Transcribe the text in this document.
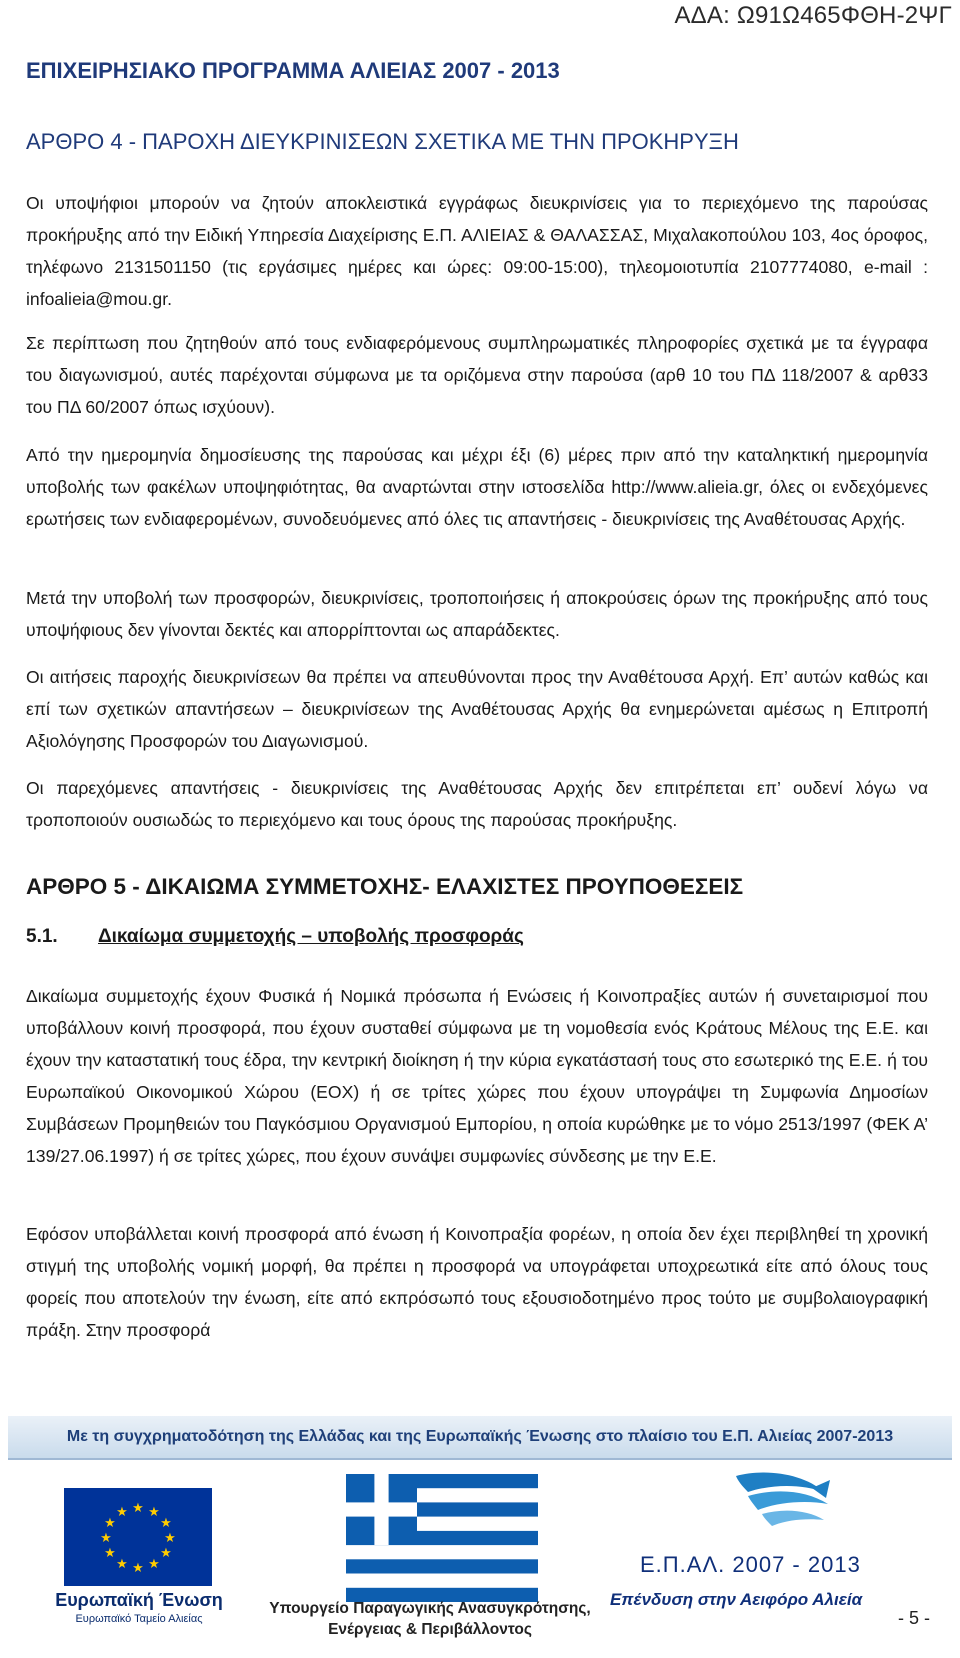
ΑΔΑ: Ω91Ω465ΦΘΗ-2ΨΓ
ΕΠΙΧΕΙΡΗΣΙΑΚΟ ΠΡΟΓΡΑΜΜΑ ΑΛΙΕΙΑΣ 2007 - 2013
ΑΡΘΡΟ 4 - ΠΑΡΟΧΗ ΔΙΕΥΚΡΙΝΙΣΕΩΝ ΣΧΕΤΙΚΑ ΜΕ ΤΗΝ ΠΡΟΚΗΡΥΞΗ

Οι υποψήφιοι μπορούν να ζητούν αποκλειστικά εγγράφως διευκρινίσεις για το περιεχόμενο της παρούσας προκήρυξης από την Ειδική Υπηρεσία Διαχείρισης Ε.Π. ΑΛΙΕΙΑΣ & ΘΑΛΑΣΣΑΣ, Μιχαλακοπούλου 103, 4ος όροφος, τηλέφωνο 2131501150 (τις εργάσιμες ημέρες και ώρες: 09:00-15:00), τηλεομοιοτυπία 2107774080, e-mail : infoalieia@mou.gr.

Σε περίπτωση που ζητηθούν από τους ενδιαφερόμενους συμπληρωματικές πληροφορίες σχετικά με τα έγγραφα του διαγωνισμού, αυτές παρέχονται σύμφωνα με τα οριζόμενα στην παρούσα (αρθ 10 του ΠΔ 118/2007 & αρθ33 του ΠΔ 60/2007 όπως ισχύουν).

Από την ημερομηνία δημοσίευσης της παρούσας και μέχρι έξι (6) μέρες πριν από την καταληκτική ημερομηνία υποβολής των φακέλων υποψηφιότητας, θα αναρτώνται στην ιστοσελίδα http://www.alieia.gr, όλες οι ενδεχόμενες ερωτήσεις των ενδιαφερομένων, συνοδευόμενες από όλες τις απαντήσεις - διευκρινίσεις της Αναθέτουσας Αρχής.

Μετά την υποβολή των προσφορών, διευκρινίσεις, τροποποιήσεις ή αποκρούσεις όρων της προκήρυξης από τους υποψήφιους δεν γίνονται δεκτές και απορρίπτονται ως απαράδεκτες.

Οι αιτήσεις παροχής διευκρινίσεων θα πρέπει να απευθύνονται προς την Αναθέτουσα Αρχή. Επ’ αυτών καθώς και επί των σχετικών απαντήσεων – διευκρινίσεων της Αναθέτουσας Αρχής θα ενημερώνεται αμέσως η Επιτροπή Αξιολόγησης Προσφορών του Διαγωνισμού.

Οι παρεχόμενες απαντήσεις - διευκρινίσεις της Αναθέτουσας Αρχής δεν επιτρέπεται επ’ ουδενί λόγω να τροποποιούν ουσιωδώς το περιεχόμενο και τους όρους της παρούσας προκήρυξης.

ΑΡΘΡΟ 5 - ΔΙΚΑΙΩΜΑ ΣΥΜΜΕΤΟΧΗΣ- ΕΛΑΧΙΣΤΕΣ ΠΡΟΥΠΟΘΕΣΕΙΣ
5.1. Δικαίωμα συμμετοχής – υποβολής προσφοράς

Δικαίωμα συμμετοχής έχουν Φυσικά ή Νομικά πρόσωπα ή Ενώσεις ή Κοινοπραξίες αυτών ή συνεταιρισμοί που υποβάλλουν κοινή προσφορά, που έχουν συσταθεί σύμφωνα με τη νομοθεσία ενός Κράτους Μέλους της Ε.Ε. και έχουν την καταστατική τους έδρα, την κεντρική διοίκηση ή την κύρια εγκατάστασή τους στο εσωτερικό της Ε.Ε. ή του Ευρωπαϊκού Οικονομικού Χώρου (ΕΟΧ) ή σε τρίτες χώρες που έχουν υπογράψει τη Συμφωνία Δημοσίων Συμβάσεων Προμηθειών του Παγκόσμιου Οργανισμού Εμπορίου, η οποία κυρώθηκε με το νόμο 2513/1997 (ΦΕΚ Α’ 139/27.06.1997) ή σε τρίτες χώρες, που έχουν συνάψει συμφωνίες σύνδεσης με την Ε.Ε.

Εφόσον υποβάλλεται κοινή προσφορά από ένωση ή Κοινοπραξία φορέων, η οποία δεν έχει περιβληθεί τη χρονική στιγμή της υποβολής νομική μορφή, θα πρέπει η προσφορά να υπογράφεται υποχρεωτικά είτε από όλους τους φορείς που αποτελούν την ένωση, είτε από εκπρόσωπό τους εξουσιοδοτημένο προς τούτο με συμβολαιογραφική πράξη. Στην προσφορά

Με τη συγχρηματοδότηση της Ελλάδας και της Ευρωπαϊκής Ένωσης στο πλαίσιο του Ε.Π. Αλιείας 2007-2013
★ ★
★
★
★
★
★
★
★
★
★
★
Ευρωπαϊκή Ένωση
Ευρωπαϊκό Ταμείο Αλιείας
Υπουργείο Παραγωγικής Ανασυγκρότησης,
Ενέργειας & Περιβάλλοντος
Ε.Π.ΑΛ. 2007 - 2013
Επένδυση στην Αειφόρο Αλιεία
- 5 -
